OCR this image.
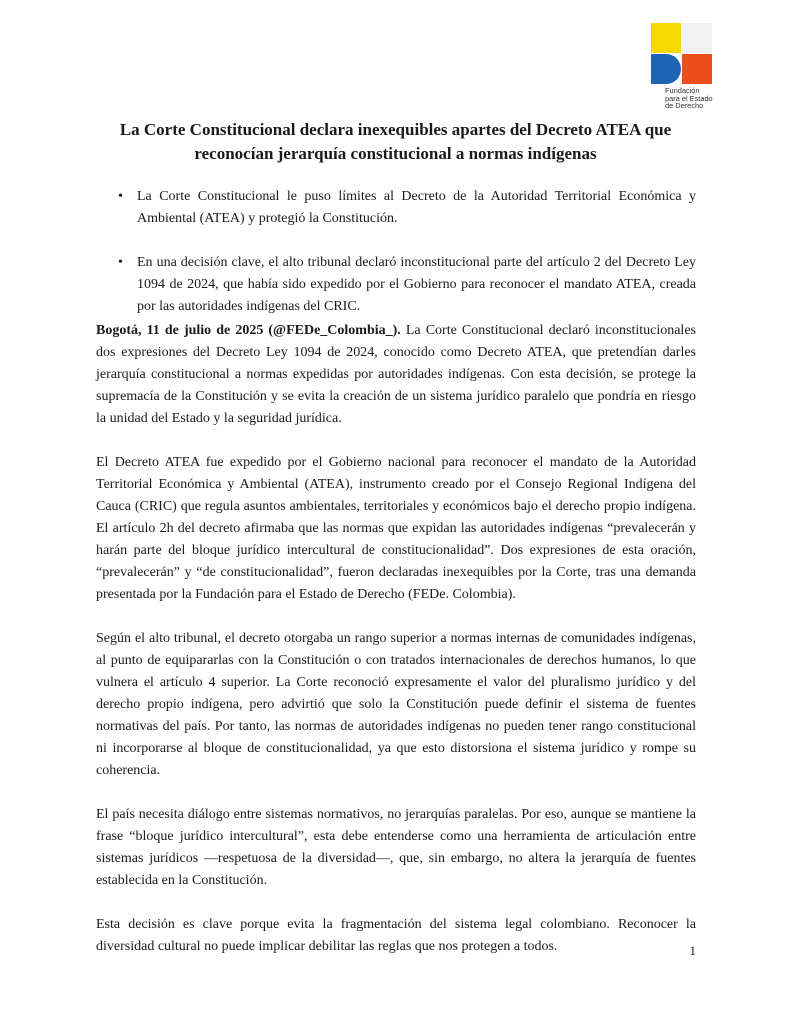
Fundación
para el Estado
de Derecho
La Corte Constitucional declara inexequibles apartes del Decreto ATEA que reconocían jerarquía constitucional a normas indígenas
• La Corte Constitucional le puso límites al Decreto de la Autoridad Territorial Económica y Ambiental (ATEA) y protegió la Constitución.
• En una decisión clave, el alto tribunal declaró inconstitucional parte del artículo 2 del Decreto Ley 1094 de 2024, que había sido expedido por el Gobierno para reconocer el mandato ATEA, creada por las autoridades indígenas del CRIC.

Bogotá, 11 de julio de 2025 (@FEDe_Colombia_). La Corte Constitucional declaró inconstitucionales dos expresiones del Decreto Ley 1094 de 2024, conocido como Decreto ATEA, que pretendían darles jerarquía constitucional a normas expedidas por autoridades indígenas. Con esta decisión, se protege la supremacía de la Constitución y se evita la creación de un sistema jurídico paralelo que pondría en riesgo la unidad del Estado y la seguridad jurídica.

El Decreto ATEA fue expedido por el Gobierno nacional para reconocer el mandato de la Autoridad Territorial Económica y Ambiental (ATEA), instrumento creado por el Consejo Regional Indígena del Cauca (CRIC) que regula asuntos ambientales, territoriales y económicos bajo el derecho propio indígena. El artículo 2h del decreto afirmaba que las normas que expidan las autoridades indígenas “prevalecerán y harán parte del bloque jurídico intercultural de constitucionalidad”. Dos expresiones de esta oración, “prevalecerán” y “de constitucionalidad”, fueron declaradas inexequibles por la Corte, tras una demanda presentada por la Fundación para el Estado de Derecho (FEDe. Colombia).

Según el alto tribunal, el decreto otorgaba un rango superior a normas internas de comunidades indígenas, al punto de equipararlas con la Constitución o con tratados internacionales de derechos humanos, lo que vulnera el artículo 4 superior. La Corte reconoció expresamente el valor del pluralismo jurídico y del derecho propio indígena, pero advirtió que solo la Constitución puede definir el sistema de fuentes normativas del país. Por tanto, las normas de autoridades indígenas no pueden tener rango constitucional ni incorporarse al bloque de constitucionalidad, ya que esto distorsiona el sistema jurídico y rompe su coherencia.

El país necesita diálogo entre sistemas normativos, no jerarquías paralelas. Por eso, aunque se mantiene la frase “bloque jurídico intercultural”, esta debe entenderse como una herramienta de articulación entre sistemas jurídicos —respetuosa de la diversidad—, que, sin embargo, no altera la jerarquía de fuentes establecida en la Constitución.

Esta decisión es clave porque evita la fragmentación del sistema legal colombiano. Reconocer la diversidad cultural no puede implicar debilitar las reglas que nos protegen a todos.	1
